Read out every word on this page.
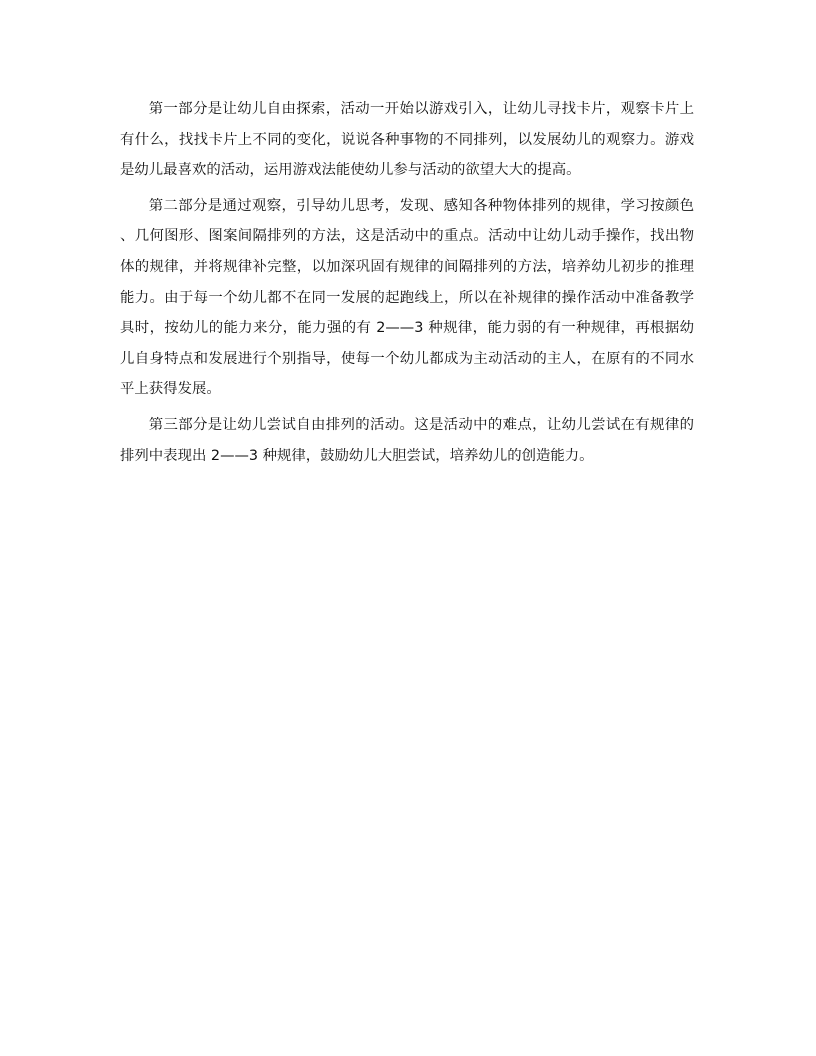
第一部分是让幼儿自由探索，活动一开始以游戏引入，让幼儿寻找卡片，观察卡片上有什么，找找卡片上不同的变化，说说各种事物的不同排列，以发展幼儿的观察力。游戏是幼儿最喜欢的活动，运用游戏法能使幼儿参与活动的欲望大大的提高。

第二部分是通过观察，引导幼儿思考，发现、感知各种物体排列的规律，学习按颜色、几何图形、图案间隔排列的方法，这是活动中的重点。活动中让幼儿动手操作，找出物体的规律，并将规律补完整，以加深巩固有规律的间隔排列的方法，培养幼儿初步的推理能力。由于每一个幼儿都不在同一发展的起跑线上，所以在补规律的操作活动中准备教学具时，按幼儿的能力来分，能力强的有 2——3 种规律，能力弱的有一种规律，再根据幼儿自身特点和发展进行个别指导，使每一个幼儿都成为主动活动的主人，在原有的不同水平上获得发展。

第三部分是让幼儿尝试自由排列的活动。这是活动中的难点，让幼儿尝试在有规律的排列中表现出 2——3 种规律，鼓励幼儿大胆尝试，培养幼儿的创造能力。
